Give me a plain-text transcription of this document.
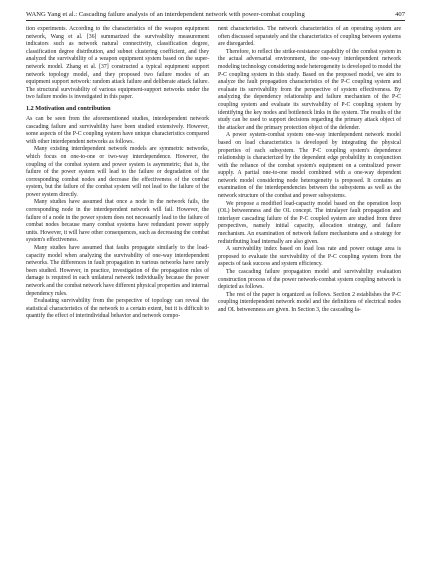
WANG Yang et al.: Cascading failure analysis of an interdependent network with power-combat coupling	407

tion experiments. According to the characteristics of the weapon equipment network, Wang et al. [36] summarized the survivability measurement indicators such as network natural connectivity, classification degree, classification degree distribution, and subnet clustering coefficient, and they analyzed the survivability of a weapon equipment system based on the super-network model. Zhang et al. [37] constructed a typical equipment support network topology model, and they proposed two failure modes of an equipment support network: random attack failure and deliberate attack failure. The structural survivability of various equipment-support networks under the two failure modes is investigated in this paper.

1.2 Motivation and contribution

As can be seen from the aforementioned studies, interdependent network cascading failure and survivability have been studied extensively. However, some aspects of the P-C coupling system have unique characteristics compared with other interdependent networks as follows.

Many existing interdependent network models are symmetric networks, which focus on one-to-one or two-way interdependence. However, the coupling of the combat system and power system is asymmetric; that is, the failure of the power system will lead to the failure or degradation of the corresponding combat nodes and decrease the effectiveness of the combat system, but the failure of the combat system will not lead to the failure of the power system directly.

Many studies have assumed that once a node in the network fails, the corresponding node in the interdependent network will fail. However, the failure of a node in the power system does not necessarily lead to the failure of combat nodes because many combat systems have redundant power supply units. However, it will have other consequences, such as decreasing the combat system's effectiveness.

Many studies have assumed that faults propagate similarly to the load-capacity model when analyzing the survivability of one-way interdependent networks. The differences in fault propagation in various networks have rarely been studied. However, in practice, investigation of the propagation rules of damage is required in each unilateral network individually because the power network and the combat network have different physical properties and internal dependency rules.

Evaluating survivability from the perspective of topology can reveal the statistical characteristics of the network to a certain extent, but it is difficult to quantify the effect of interindividual behavior and network compo-

nent characteristics. The network characteristics of an operating system are often discussed separately and the characteristics of coupling between systems are disregarded.

Therefore, to reflect the strike-resistance capability of the combat system in the actual adversarial environment, the one-way interdependent network modeling technology considering node heterogeneity is developed to model the P-C coupling system in this study. Based on the proposed model, we aim to analyze the fault propagation characteristics of the P-C coupling system and evaluate its survivability from the perspective of system effectiveness. By analyzing the dependency relationship and failure mechanism of the P-C coupling system and evaluate its survivability of P-C coupling system by identifying the key nodes and bottleneck links in the system. The results of the study can be used to support decisions regarding the primary attack object of the attacker and the primary protection object of the defender.

A power system-combat system one-way interdependent network model based on load characteristics is developed by integrating the physical properties of each subsystem. The P-C coupling system's dependence relationship is characterized by the dependent edge probability in conjunction with the reliance of the combat system's equipment on a centralized power supply. A partial one-to-one model combined with a one-way dependent network model considering node heterogeneity is proposed. It contains an examination of the interdependencies between the subsystems as well as the network structure of the combat and power subsystems.

We propose a modified load-capacity model based on the operation loop (OL) betweenness and the OL concept. The intralayer fault propagation and interlayer cascading failure of the P-C coupled system are studied from three perspectives, namely initial capacity, allocation strategy, and failure mechanism. An examination of network failure mechanisms and a strategy for redistributing load internally are also given.

A survivability index based on load loss rate and power outage area is proposed to evaluate the survivability of the P-C coupling system from the aspects of task success and system efficiency.

The cascading failure propagation model and survivability evaluation construction process of the power network-combat system coupling network is depicted as follows.

The rest of the paper is organized as follows. Section 2 establishes the P-C coupling interdependent network model and the definitions of electrical nodes and OL betweenness are given. In Section 3, the cascading fa-
